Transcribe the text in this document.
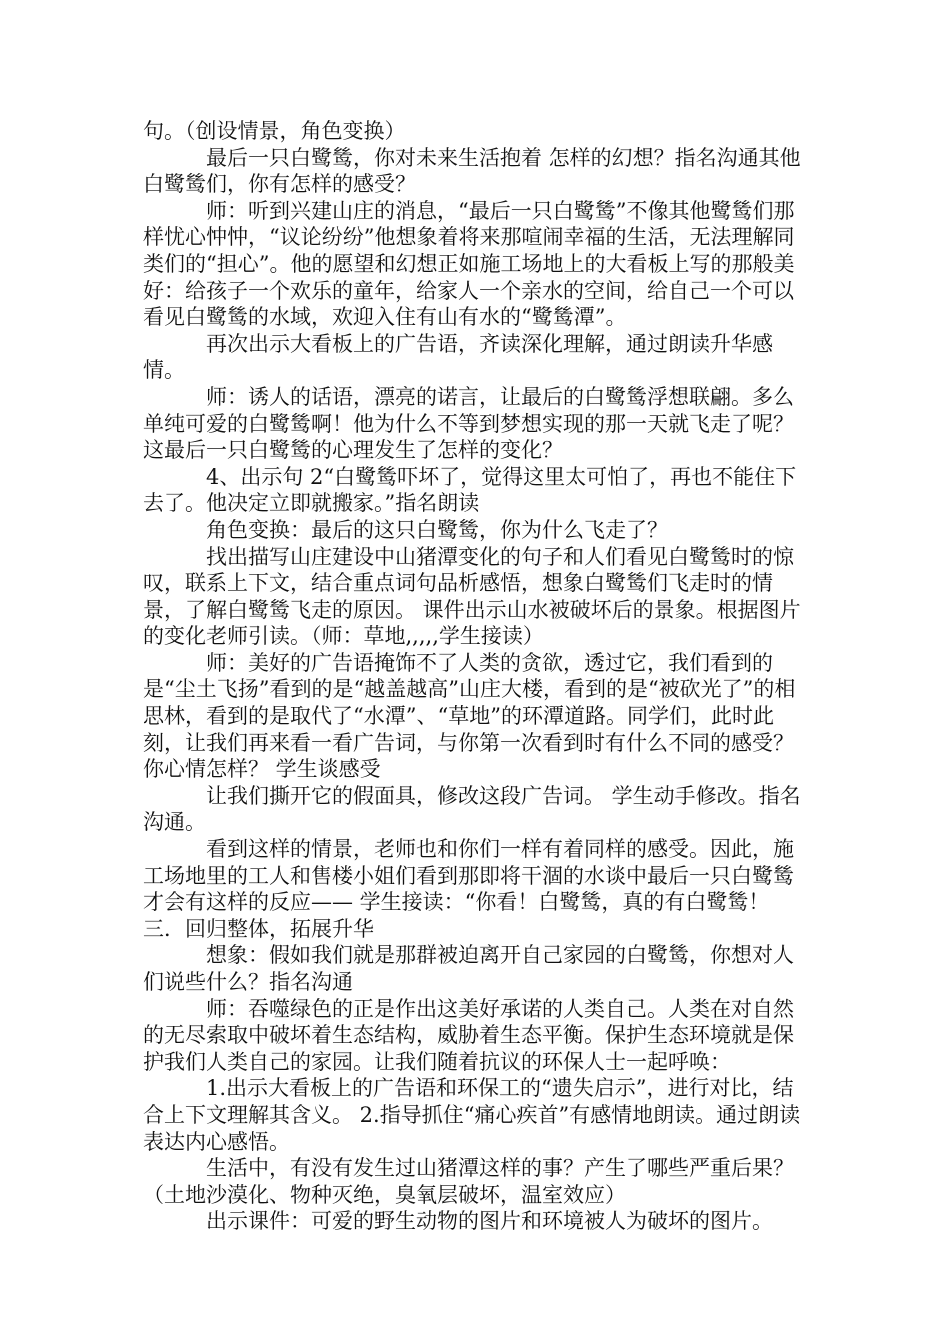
句。（创设情景，角色变换）

最后一只白鹭鸶，你对未来生活抱着 怎样的幻想？指名沟通其他白鹭鸶们，你有怎样的感受？

师：听到兴建山庄的消息，“最后一只白鹭鸶”不像其他鹭鸶们那样忧心忡忡，“议论纷纷”他想象着将来那喧闹幸福的生活，无法理解同类们的“担心”。他的愿望和幻想正如施工场地上的大看板上写的那般美好：给孩子一个欢乐的童年，给家人一个亲水的空间，给自己一个可以看见白鹭鸶的水域，欢迎入住有山有水的“鹭鸶潭”。

再次出示大看板上的广告语，齐读深化理解，通过朗读升华感情。

师：诱人的话语，漂亮的诺言，让最后的白鹭鸶浮想联翩。多么单纯可爱的白鹭鸶啊！他为什么不等到梦想实现的那一天就飞走了呢？这最后一只白鹭鸶的心理发生了怎样的变化？

4、出示句 2“白鹭鸶吓坏了，觉得这里太可怕了，再也不能住下去了。他决定立即就搬家。”指名朗读

角色变换：最后的这只白鹭鸶，你为什么飞走了？

找出描写山庄建设中山猪潭变化的句子和人们看见白鹭鸶时的惊叹，联系上下文，结合重点词句品析感悟，想象白鹭鸶们飞走时的情景，了解白鹭鸶飞走的原因。 课件出示山水被破坏后的景象。根据图片的变化老师引读。（师：草地,,,,,学生接读）

师：美好的广告语掩饰不了人类的贪欲，透过它，我们看到的是“尘土飞扬”看到的是“越盖越高”山庄大楼，看到的是“被砍光了”的相思林，看到的是取代了“水潭”、“草地”的环潭道路。同学们，此时此刻，让我们再来看一看广告词，与你第一次看到时有什么不同的感受？你心情怎样？ 学生谈感受

让我们撕开它的假面具，修改这段广告词。 学生动手修改。指名沟通。

看到这样的情景，老师也和你们一样有着同样的感受。因此，施工场地里的工人和售楼小姐们看到那即将干涸的水谈中最后一只白鹭鸶才会有这样的反应—— 学生接读：“你看！白鹭鸶，真的有白鹭鸶！ 三．回归整体，拓展升华

想象：假如我们就是那群被迫离开自己家园的白鹭鸶，你想对人们说些什么？指名沟通

师：吞噬绿色的正是作出这美好承诺的人类自己。人类在对自然的无尽索取中破坏着生态结构，威胁着生态平衡。保护生态环境就是保护我们人类自己的家园。让我们随着抗议的环保人士一起呼唤：

1.出示大看板上的广告语和环保工的“遗失启示”，进行对比，结合上下文理解其含义。 2.指导抓住“痛心疾首”有感情地朗读。通过朗读表达内心感悟。

生活中，有没有发生过山猪潭这样的事？产生了哪些严重后果？（土地沙漠化、物种灭绝，臭氧层破坏，温室效应）

出示课件：可爱的野生动物的图片和环境被人为破坏的图片。
